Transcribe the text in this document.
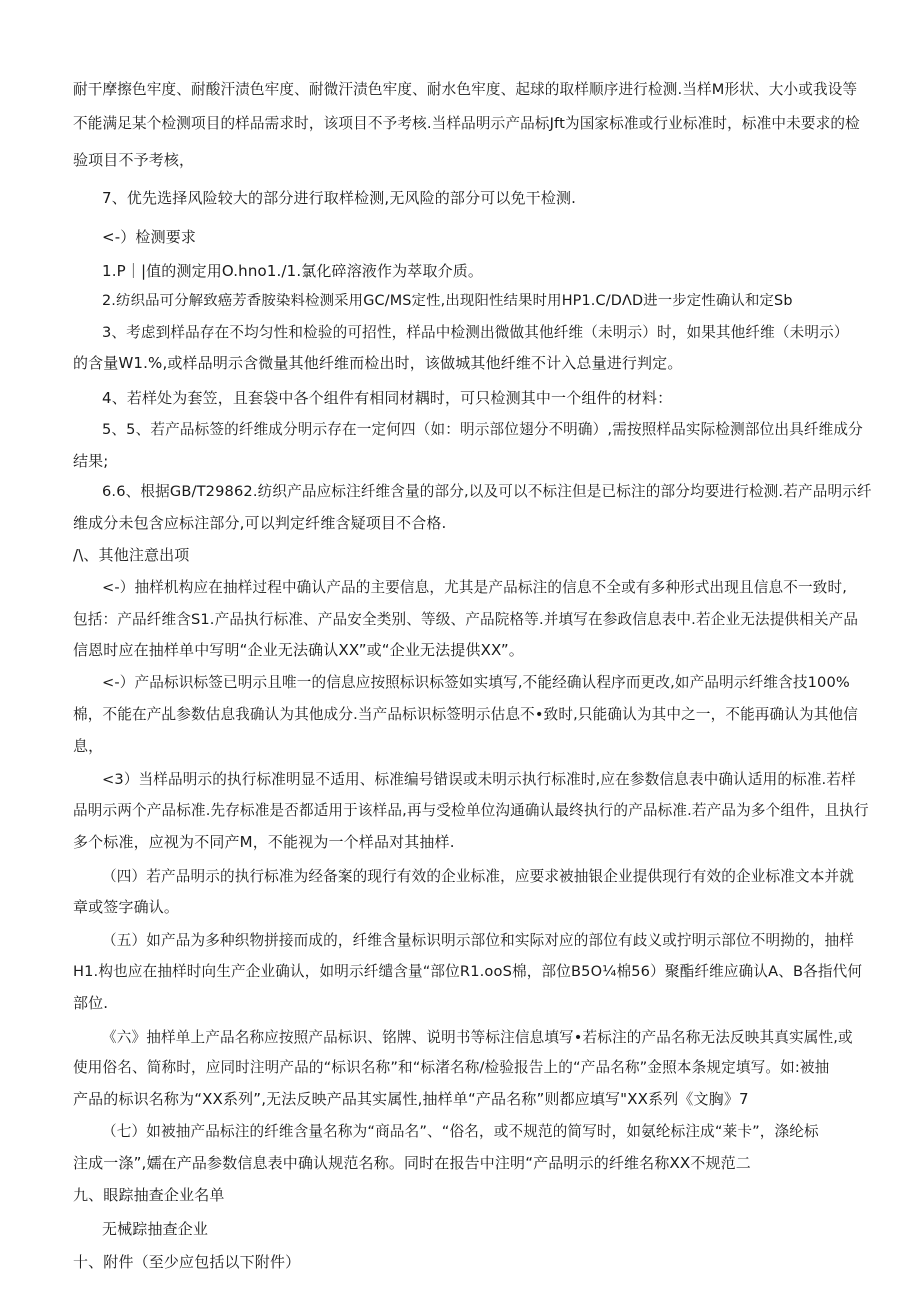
耐干摩擦色牢度、耐酸汗渍色牢度、耐微汗渍色牢度、耐水色牢度、起球的取样顺序进行检测.当样M形状、大小或我设等
不能满足某个检测项目的样品需求时，该项目不予考核.当样品明示产品标Jft为国家标准或行业标准时，标准中未要求的检
验项目不予考核，
7、优先选择风险较大的部分进行取样检测,无风险的部分可以免干检测.
<-）检测要求
1.P｜|值的测定用O.hno1./1.氯化碎溶液作为萃取介质。
2.纺织品可分解致癌芳香胺染料检测采用GC/MS定性,出现阳性结果时用HP1.C/DΛD进一步定性确认和定Sb
3、考虑到样品存在不均匀性和检验的可招性，样品中检测出微做其他纤维（未明示）时，如果其他纤维（未明示）
的含量W1.%,或样品明示含微量其他纤维而检出时，该做城其他纤维不计入总量进行判定。
4、若样处为套笠，且套袋中各个组件有相同材耦时，可只检测其中一个组件的材料：
5、5、若产品标签的纤维成分明示存在一定何四（如：明示部位翅分不明确）,需按照样品实际检测部位出具纤维成分
结果;
6.6、根据GB/T29862.纺织产品应标注纤维含量的部分,以及可以不标注但是已标注的部分均要进行检测.若产品明示纤
维成分未包含应标注部分,可以判定纤维含疑项目不合格.
/\、其他注意出项
<-）抽样机构应在抽样过程中确认产品的主要信息，尤其是产品标注的信息不全或有多种形式出现且信息不一致时,
包括：产品纤维含S1.产品执行标准、产品安全类别、等级、产品院格等.并填写在参政信息表中.若企业无法提供相关产品
信恩时应在抽样单中写明“企业无法确认XX”或“企业无法提供XX”。
<-）产品标识标签已明示且唯一的信息应按照标识标签如实填写,不能经确认程序而更改,如产品明示纤维含技100%
棉，不能在产乩参数估息我确认为其他成分.当产品标识标签明示估息不•致时,只能确认为其中之一，不能再确认为其他信
息，
<3）当样品明示的执行标准明显不适用、标准编号错误或未明示执行标准时,应在参数信息表中确认适用的标准.若样
品明示两个产品标准.先存标准是否都适用于该样品,再与受检单位沟通确认最终执行的产品标准.若产品为多个组件，且执行
多个标准，应视为不同产M，不能视为一个样品对其抽样.
（四）若产品明示的执行标准为经备案的现行有效的企业标准，应要求被抽银企业提供现行有效的企业标准文本并就
章或签字确认。
（五）如产品为多种织物拼接而成的，纤维含量标识明示部位和实际对应的部位有歧义或拧明示部位不明拗的，抽样
H1.构也应在抽样时向生产企业确认，如明示纤缱含量“部位R1.ooS棉，部位B5O¼棉56）聚酯纤维应确认A、B各指代何
部位.
《六》抽样单上产品名称应按照产品标识、铭牌、说明书等标注信息填写•若标注的产品名称无法反映其真实属性,或
使用俗名、简称时，应同时注明产品的“标识名称”和“标渚名称/检验报告上的“产品名称”金照本条规定填写。如:被抽
产品的标识名称为“XX系列”,无法反映产品其实属性,抽样单“产品名称”则都应填写"XX系列《文胸》7
（七）如被抽产品标注的纤维含量名称为“商品名”、“俗名，或不规范的简写时，如氨纶标注成“莱卡”，涤纶标
注成一涤”,嬬在产品参数信息表中确认规范名称。同时在报告中注明“产品明示的纤维名称XX不规范二
九、眼踪抽查企业名单
无械踪抽查企业
十、附件（至少应包括以下附件）
